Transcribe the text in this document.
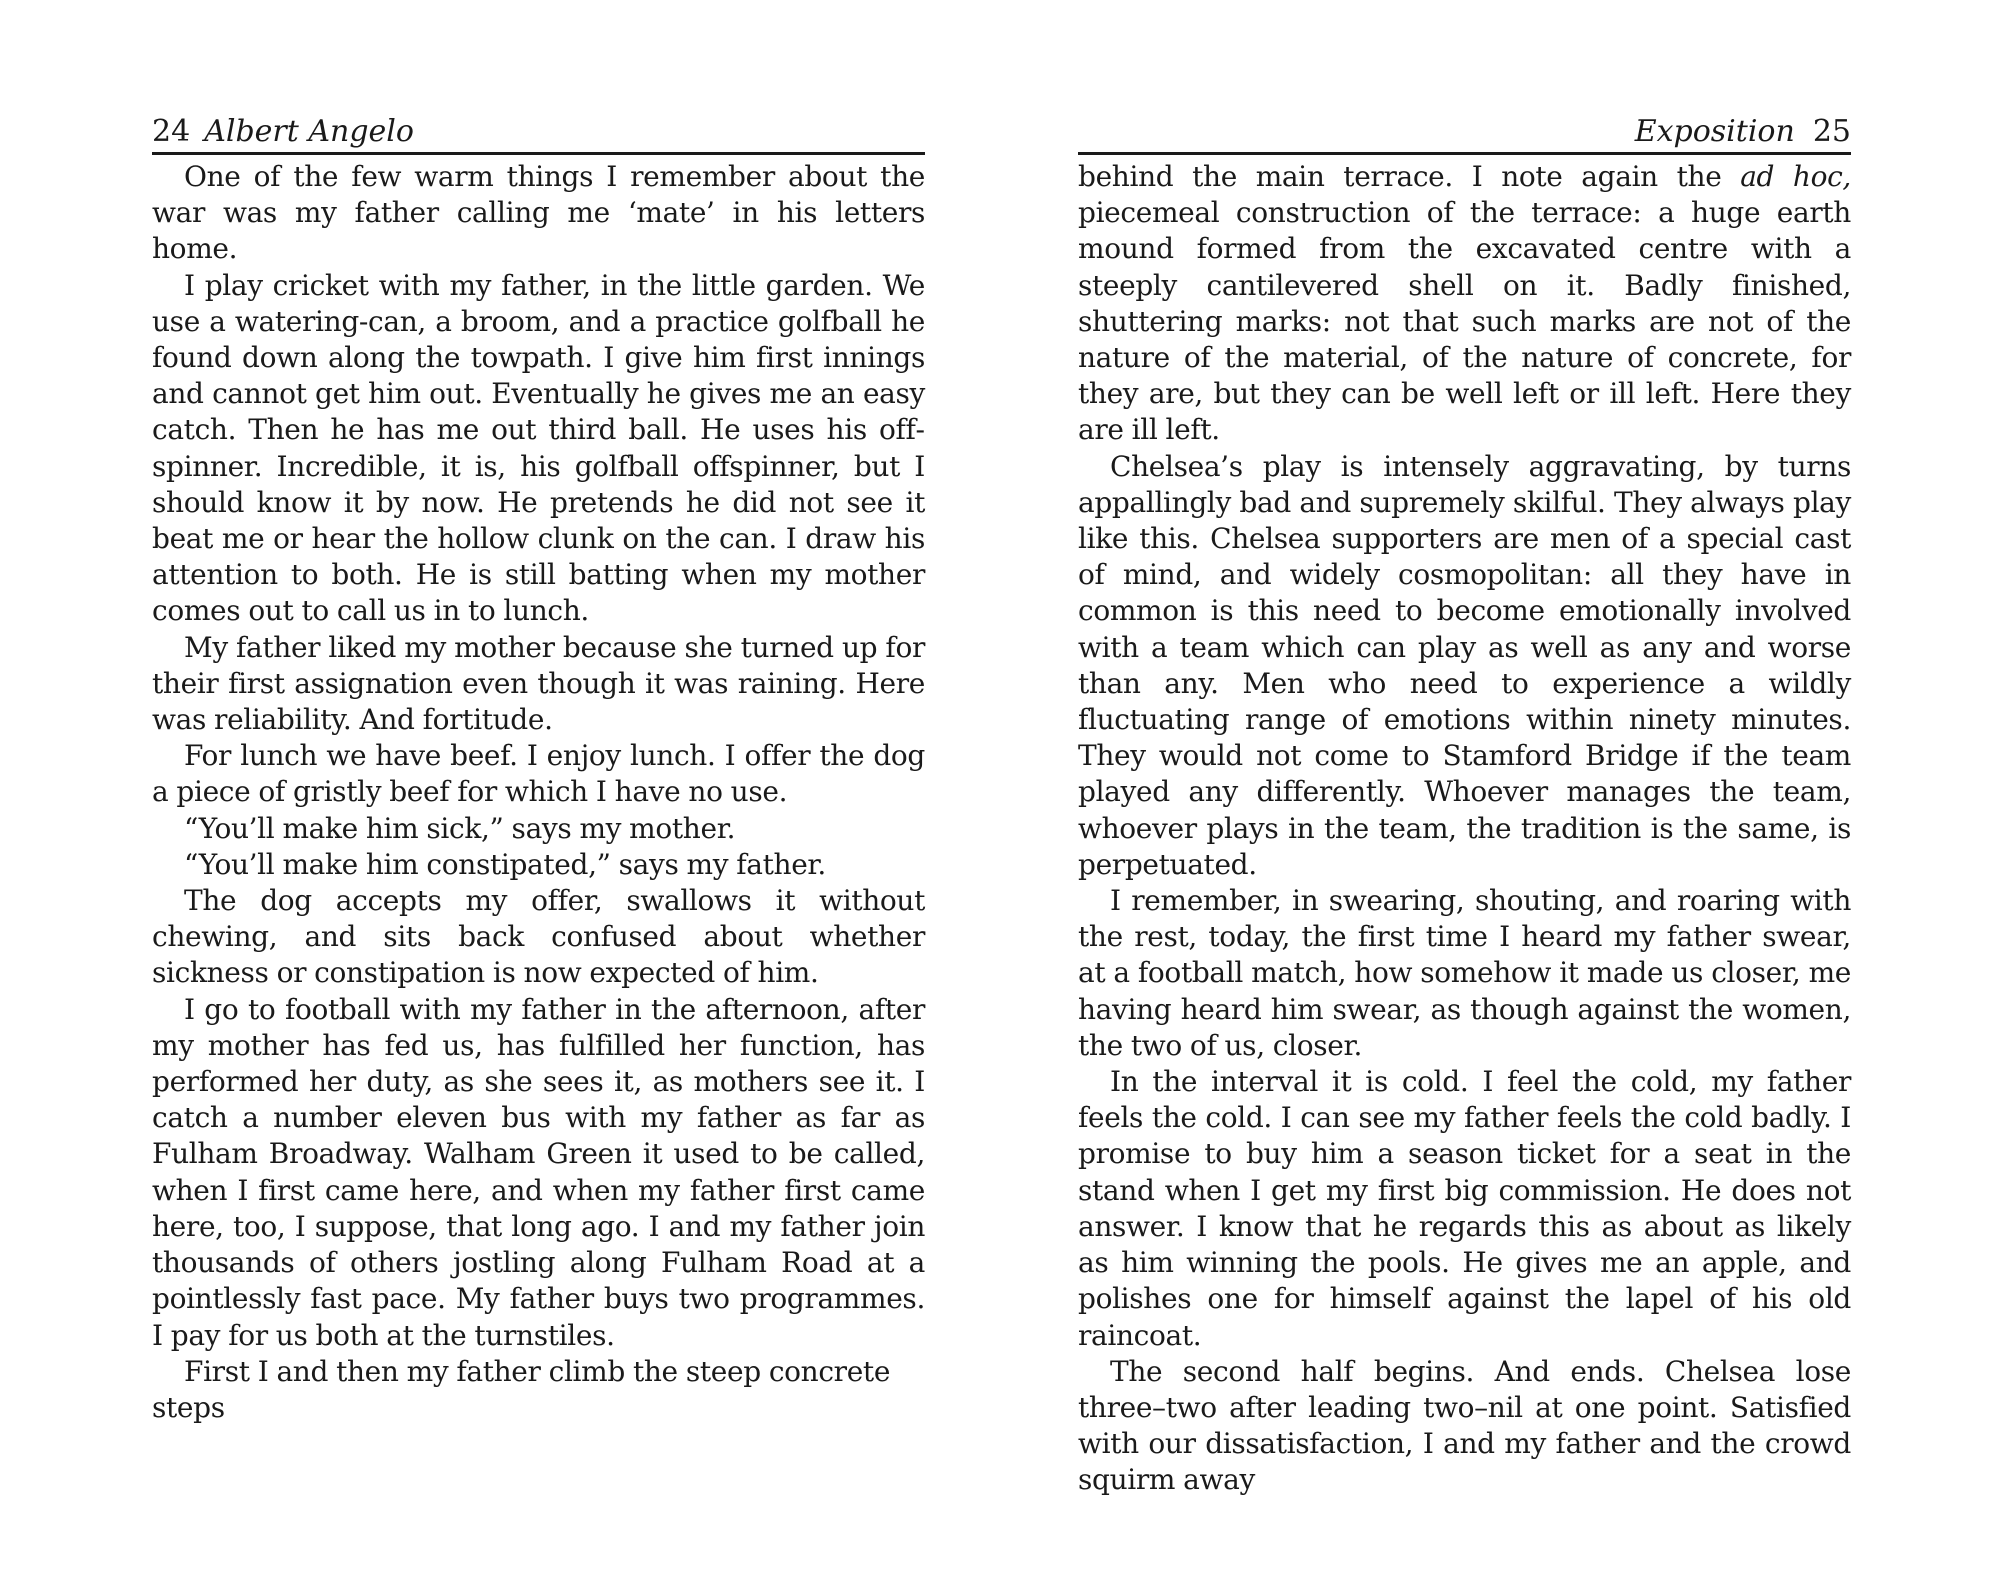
24 Albert Angelo

One of the few warm things I remember about the war was my father calling me ‘mate’ in his letters home.

I play cricket with my father, in the little garden. We use a watering-can, a broom, and a practice golfball he found down along the towpath. I give him first innings and cannot get him out. Eventually he gives me an easy catch. Then he has me out third ball. He uses his offspinner. Incredible, it is, his golfball offspinner, but I should know it by now. He pretends he did not see it beat me or hear the hollow clunk on the can. I draw his attention to both. He is still batting when my mother comes out to call us in to lunch.

My father liked my mother because she turned up for their first assignation even though it was raining. Here was reliability. And fortitude.

For lunch we have beef. I enjoy lunch. I offer the dog a piece of gristly beef for which I have no use.

“You’ll make him sick,” says my mother.

“You’ll make him constipated,” says my father.

The dog accepts my offer, swallows it without chewing, and sits back confused about whether sickness or constipation is now expected of him.

I go to football with my father in the afternoon, after my mother has fed us, has fulfilled her function, has performed her duty, as she sees it, as mothers see it. I catch a number eleven bus with my father as far as Fulham Broadway. Walham Green it used to be called, when I first came here, and when my father first came here, too, I suppose, that long ago. I and my father join thousands of others jostling along Fulham Road at a pointlessly fast pace. My father buys two programmes. I pay for us both at the turnstiles.

First I and then my father climb the steep concrete steps

Exposition 25

behind the main terrace. I note again the ad hoc, piecemeal construction of the terrace: a huge earth mound formed from the excavated centre with a steeply cantilevered shell on it. Badly finished, shuttering marks: not that such marks are not of the nature of the material, of the nature of concrete, for they are, but they can be well left or ill left. Here they are ill left.

Chelsea’s play is intensely aggravating, by turns appallingly bad and supremely skilful. They always play like this. Chelsea supporters are men of a special cast of mind, and widely cosmopolitan: all they have in common is this need to become emotionally involved with a team which can play as well as any and worse than any. Men who need to experience a wildly fluctuating range of emotions within ninety minutes. They would not come to Stamford Bridge if the team played any differently. Whoever manages the team, whoever plays in the team, the tradition is the same, is perpetuated.

I remember, in swearing, shouting, and roaring with the rest, today, the first time I heard my father swear, at a football match, how somehow it made us closer, me having heard him swear, as though against the women, the two of us, closer.

In the interval it is cold. I feel the cold, my father feels the cold. I can see my father feels the cold badly. I promise to buy him a season ticket for a seat in the stand when I get my first big commission. He does not answer. I know that he regards this as about as likely as him winning the pools. He gives me an apple, and polishes one for himself against the lapel of his old raincoat.

The second half begins. And ends. Chelsea lose three–two after leading two–nil at one point. Satisfied with our dissatisfaction, I and my father and the crowd squirm away
